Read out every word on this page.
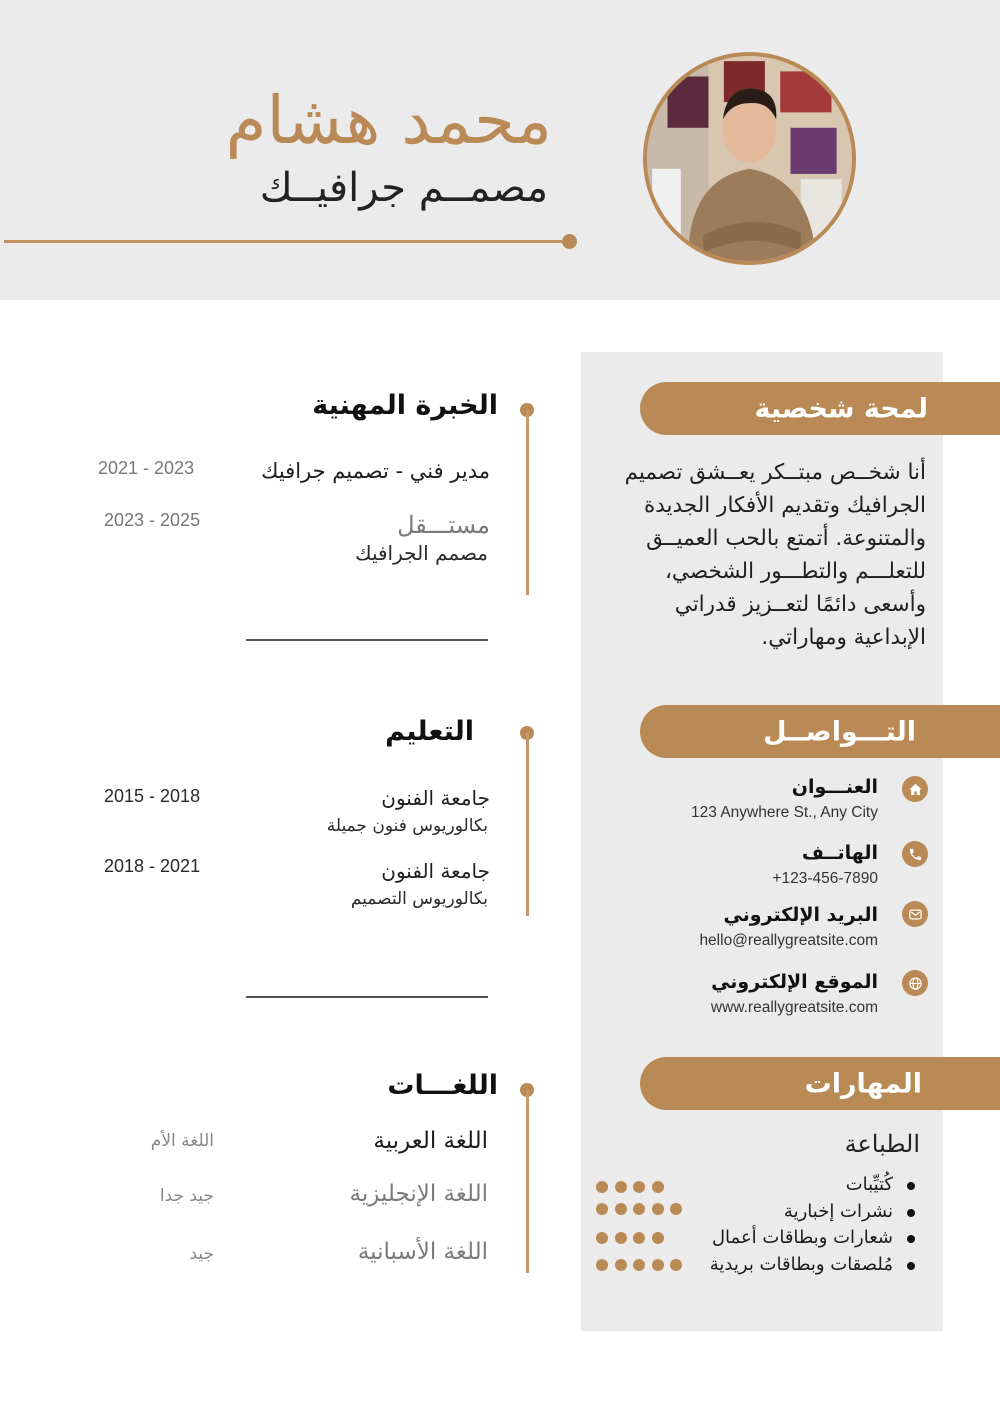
محمد هشام
مصمــم جرافيــك
لمحة شخصية

أنا شخــص مبتــكر يعــشق تصميم الجرافيك وتقديم الأفكار الجديدة والمتنوعة. أتمتع بالحب العميــق للتعلـــم والتطـــور الشخصي، وأسعى دائمًا لتعــزيز قدراتي الإبداعية ومهاراتي.

التـــواصــل
العنـــوان
123 Anywhere St., Any City
الهاتــف
+123-456-7890
البريد الإلكتروني
hello@reallygreatsite.com
الموقع الإلكتروني
www.reallygreatsite.com
المهارات
الطباعة
كُتيِّبات
نشرات إخبارية
شعارات وبطاقات أعمال
مُلصقات وبطاقات بريدية
الخبرة المهنية
مدير فني - تصميم جرافيك
2021 - 2023
مستـــقل
مصمم الجرافيك
2023 - 2025
التعليم
جامعة الفنون
بكالوريوس فنون جميلة
2015 - 2018
جامعة الفنون
بكالوريوس التصميم
2018 - 2021
اللغـــات
اللغة العربية
اللغة الأم
اللغة الإنجليزية
جيد جدا
اللغة الأسبانية
جيد
